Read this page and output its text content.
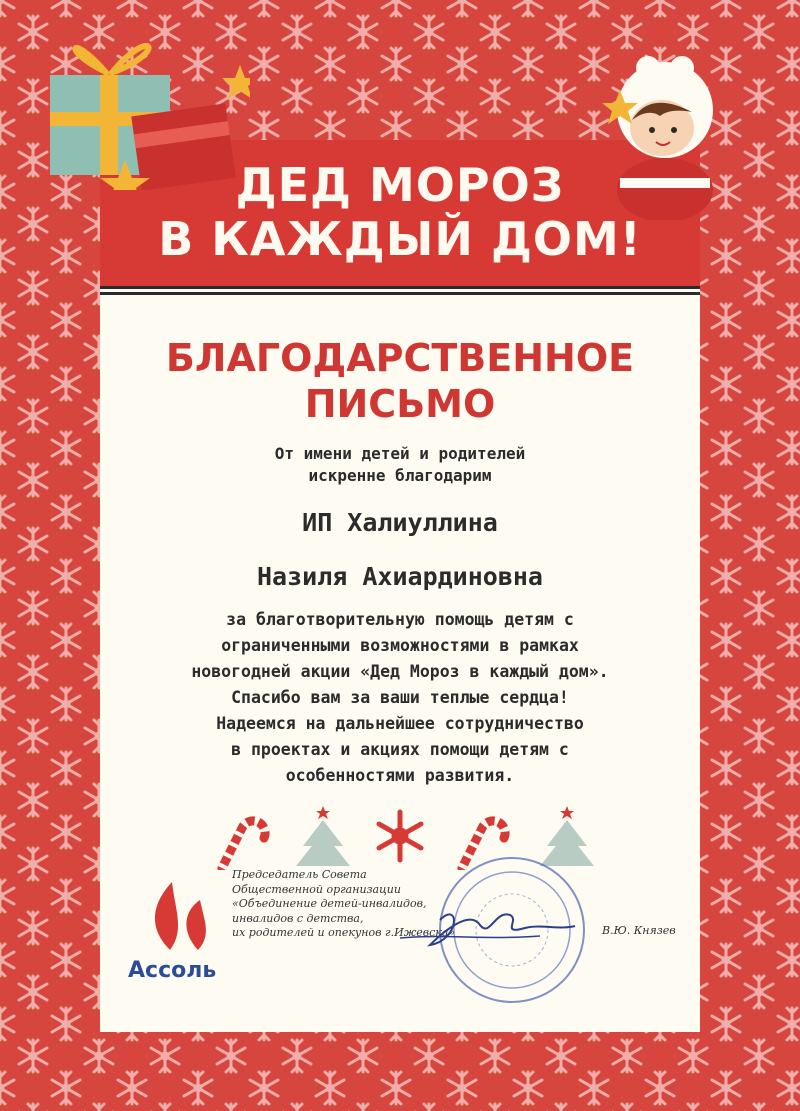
ДЕД МОРОЗ
В КАЖДЫЙ ДОМ!
БЛАГОДАРСТВЕННОЕ
ПИСЬМО

От имени детей и родителей

искренне благодарим

ИП Халиуллина

Назиля Ахиардиновна

за благотворительную помощь детям с

ограниченными возможностями в рамках

новогодней акции «Дед Мороз в каждый дом».

Спасибо вам за ваши теплые сердца!

Надеемся на дальнейшее сотрудничество

в проектах и акциях помощи детям с

особенностями развития.

Ассоль
Председатель Совета
Общественной организации
«Объединение детей-инвалидов,
инвалидов с детства,
их родителей и опекунов г.Ижевска»	В.Ю. Князев
